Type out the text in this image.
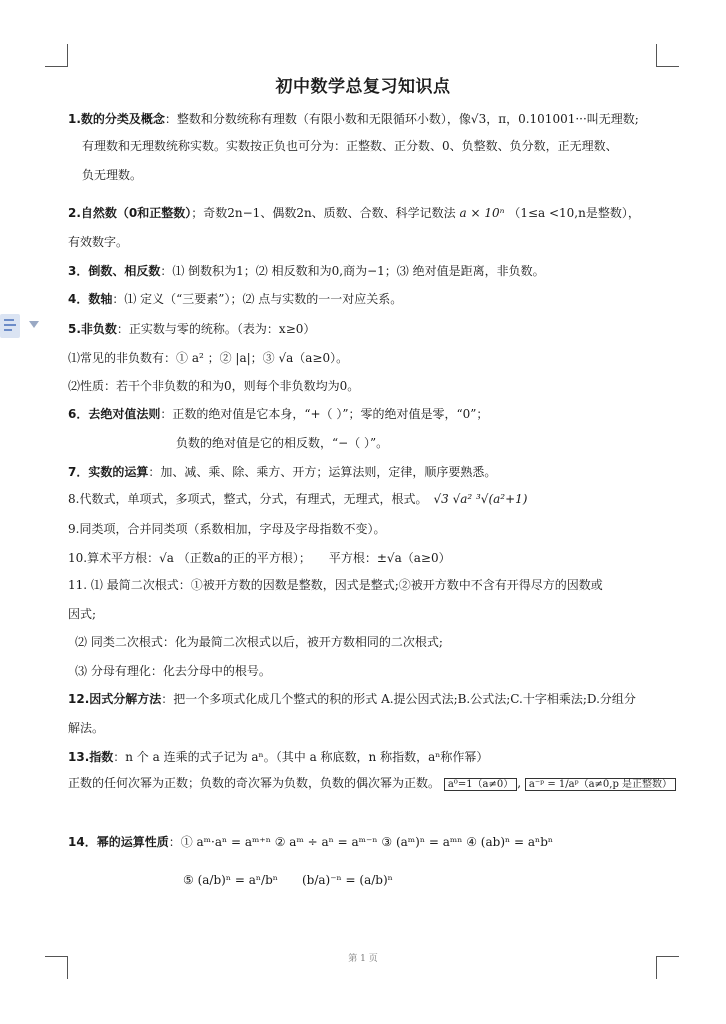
初中数学总复习知识点
1.数的分类及概念：整数和分数统称有理数（有限小数和无限循环小数），像√3，π，0.101001···叫无理数;
有理数和无理数统称实数。实数按正负也可分为：正整数、正分数、0、负整数、负分数，正无理数、
负无理数。
2.自然数（0和正整数）；奇数2n−1、偶数2n、质数、合数、科学记数法 a × 10ⁿ （1≤a <10,n是整数），
有效数字。
3．倒数、相反数：⑴ 倒数积为1；⑵ 相反数和为0,商为−1；⑶ 绝对值是距离，非负数。
4．数轴：⑴ 定义（“三要素”）；⑵ 点与实数的一一对应关系。
5.非负数：正实数与零的统称。（表为：x≥0）
⑴常见的非负数有：① a² ；② |a|；③ √a（a≥0）。
⑵性质：若干个非负数的和为0，则每个非负数均为0。
6．去绝对值法则：正数的绝对值是它本身，“+（ ）”；零的绝对值是零，“0”；
负数的绝对值是它的相反数，“−（ ）”。
7．实数的运算：加、减、乘、除、乘方、开方；运算法则，定律，顺序要熟悉。
8.代数式，单项式，多项式，整式，分式，有理式，无理式，根式。　 √3 √a² ³√(a²+1)
9.同类项，合并同类项（系数相加，字母及字母指数不变）。
10.算术平方根：√a （正数a的正的平方根）；　　 平方根：±√a（a≥0）
11. ⑴ 最简二次根式：①被开方数的因数是整数，因式是整式;②被开方数中不含有开得尽方的因数或
因式;
⑵ 同类二次根式：化为最简二次根式以后，被开方数相同的二次根式;
⑶ 分母有理化：化去分母中的根号。
12.因式分解方法：把一个多项式化成几个整式的积的形式 A.提公因式法;B.公式法;C.十字相乘法;D.分组分
解法。
13.指数：n 个 a 连乘的式子记为 aⁿ。（其中 a 称底数，n 称指数，aⁿ称作幂）
正数的任何次幂为正数；负数的奇次幂为负数，负数的偶次幂为正数。 a⁰=1（a≠0） , a⁻ᵖ = 1/aᵖ（a≠0,p 是正整数）
14．幂的运算性质：① aᵐ·aⁿ = aᵐ⁺ⁿ ② aᵐ ÷ aⁿ = aᵐ⁻ⁿ ③ (aᵐ)ⁿ = aᵐⁿ ④ (ab)ⁿ = aⁿbⁿ
⑤ (a/b)ⁿ = aⁿ/bⁿ　　(b/a)⁻ⁿ = (a/b)ⁿ
第 1 页
